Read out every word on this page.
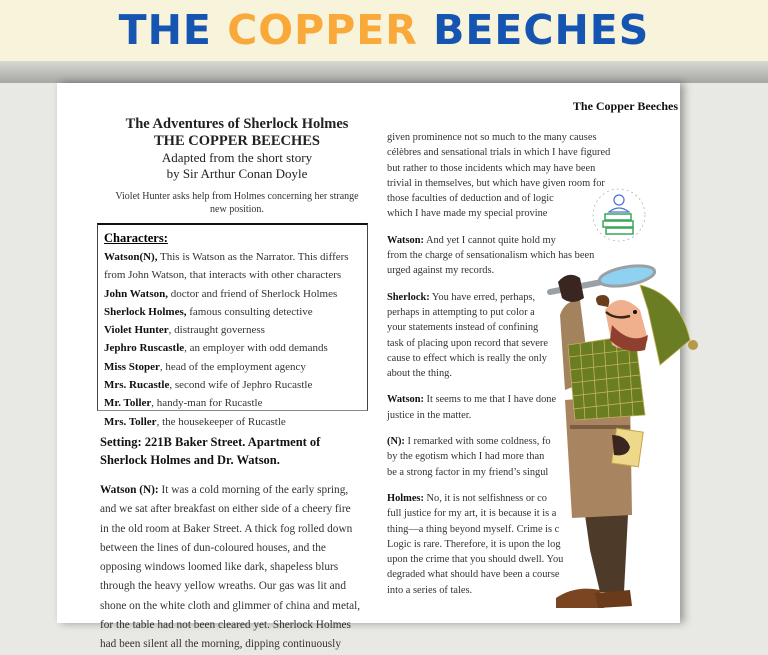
THE COPPER BEECHES
The Copper Beeches
The Adventures of Sherlock Holmes
THE COPPER BEECHES
Adapted from the short story
by Sir Arthur Conan Doyle
Violet Hunter asks help from Holmes concerning her strange
new position.
Characters:
Watson(N), This is Watson as the Narrator. This differs
from John Watson, that interacts with other characters
John Watson, doctor and friend of Sherlock Holmes
Sherlock Holmes, famous consulting detective
Violet Hunter, distraught governess
Jephro Ruscastle, an employer with odd demands
Miss Stoper, head of the employment agency
Mrs. Rucastle, second wife of Jephro Rucastle
Mr. Toller, handy-man for Rucastle
Mrs. Toller, the housekeeper of Rucastle
Setting: 221B Baker Street. Apartment of
Sherlock Holmes and Dr. Watson.
Watson (N): It was a cold morning of the early spring,
and we sat after breakfast on either side of a cheery fire
in the old room at Baker Street. A thick fog rolled down
between the lines of dun-coloured houses, and the
opposing windows loomed like dark, shapeless blurs
through the heavy yellow wreaths. Our gas was lit and
shone on the white cloth and glimmer of china and metal,
for the table had not been cleared yet. Sherlock Holmes
had been silent all the morning, dipping continuously

given prominence not so much to the many causes
célèbres and sensational trials in which I have figured
but rather to those incidents which may have been
trivial in themselves, but which have given room for
those faculties of deduction and of logic
which I have made my special provine

Watson: And yet I cannot quite hold my
from the charge of sensationalism which has been
urged against my records.

Sherlock: You have erred, perhaps,
perhaps in attempting to put color a
your statements instead of confining
task of placing upon record that severe
cause to effect which is really the only
about the thing.

Watson: It seems to me that I have done
justice in the matter.

(N): I remarked with some coldness, fo
by the egotism which I had more than
be a strong factor in my friend’s singul

Holmes: No, it is not selfishness or co
full justice for my art, it is because it is a
thing—a thing beyond myself. Crime is c
Logic is rare. Therefore, it is upon the log
upon the crime that you should dwell. You
degraded what should have been a course
into a series of tales.
